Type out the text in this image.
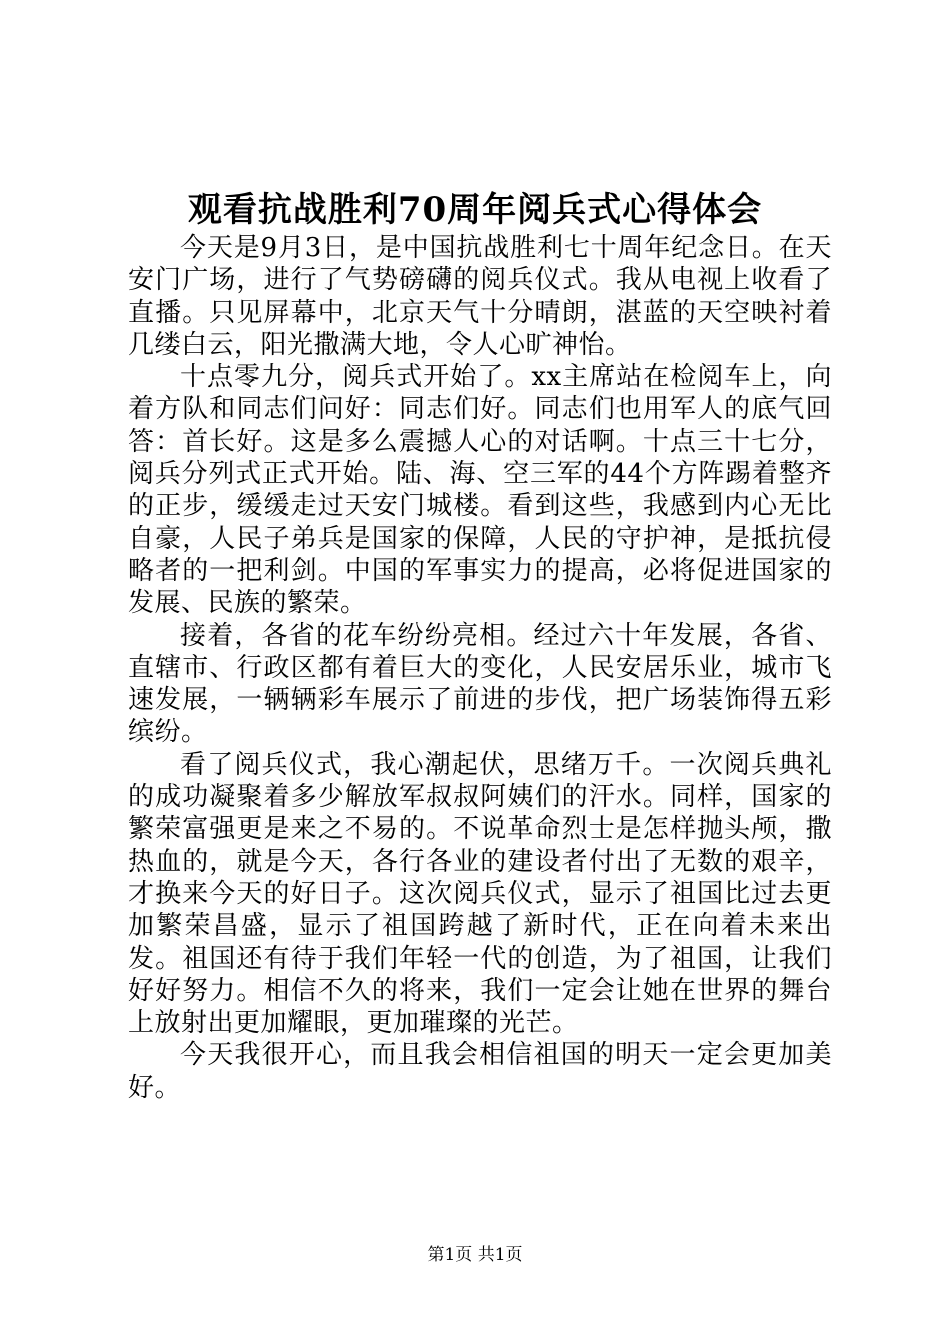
观看抗战胜利70周年阅兵式心得体会

今天是9月3日，是中国抗战胜利七十周年纪念日。在天安门广场，进行了气势磅礴的阅兵仪式。我从电视上收看了直播。只见屏幕中，北京天气十分晴朗，湛蓝的天空映衬着几缕白云，阳光撒满大地，令人心旷神怡。

十点零九分，阅兵式开始了。xx主席站在检阅车上，向着方队和同志们问好：同志们好。同志们也用军人的底气回答：首长好。这是多么震撼人心的对话啊。十点三十七分，阅兵分列式正式开始。陆、海、空三军的44个方阵踢着整齐的正步，缓缓走过天安门城楼。看到这些，我感到内心无比自豪，人民子弟兵是国家的保障，人民的守护神，是抵抗侵略者的一把利剑。中国的军事实力的提高，必将促进国家的发展、民族的繁荣。

接着，各省的花车纷纷亮相。经过六十年发展，各省、直辖市、行政区都有着巨大的变化，人民安居乐业，城市飞速发展，一辆辆彩车展示了前进的步伐，把广场装饰得五彩缤纷。

看了阅兵仪式，我心潮起伏，思绪万千。一次阅兵典礼的成功凝聚着多少解放军叔叔阿姨们的汗水。同样，国家的繁荣富强更是来之不易的。不说革命烈士是怎样抛头颅，撒热血的，就是今天，各行各业的建设者付出了无数的艰辛，才换来今天的好日子。这次阅兵仪式，显示了祖国比过去更加繁荣昌盛，显示了祖国跨越了新时代，正在向着未来出发。祖国还有待于我们年轻一代的创造，为了祖国，让我们好好努力。相信不久的将来，我们一定会让她在世界的舞台上放射出更加耀眼，更加璀璨的光芒。

今天我很开心，而且我会相信祖国的明天一定会更加美好。

第1页 共1页
